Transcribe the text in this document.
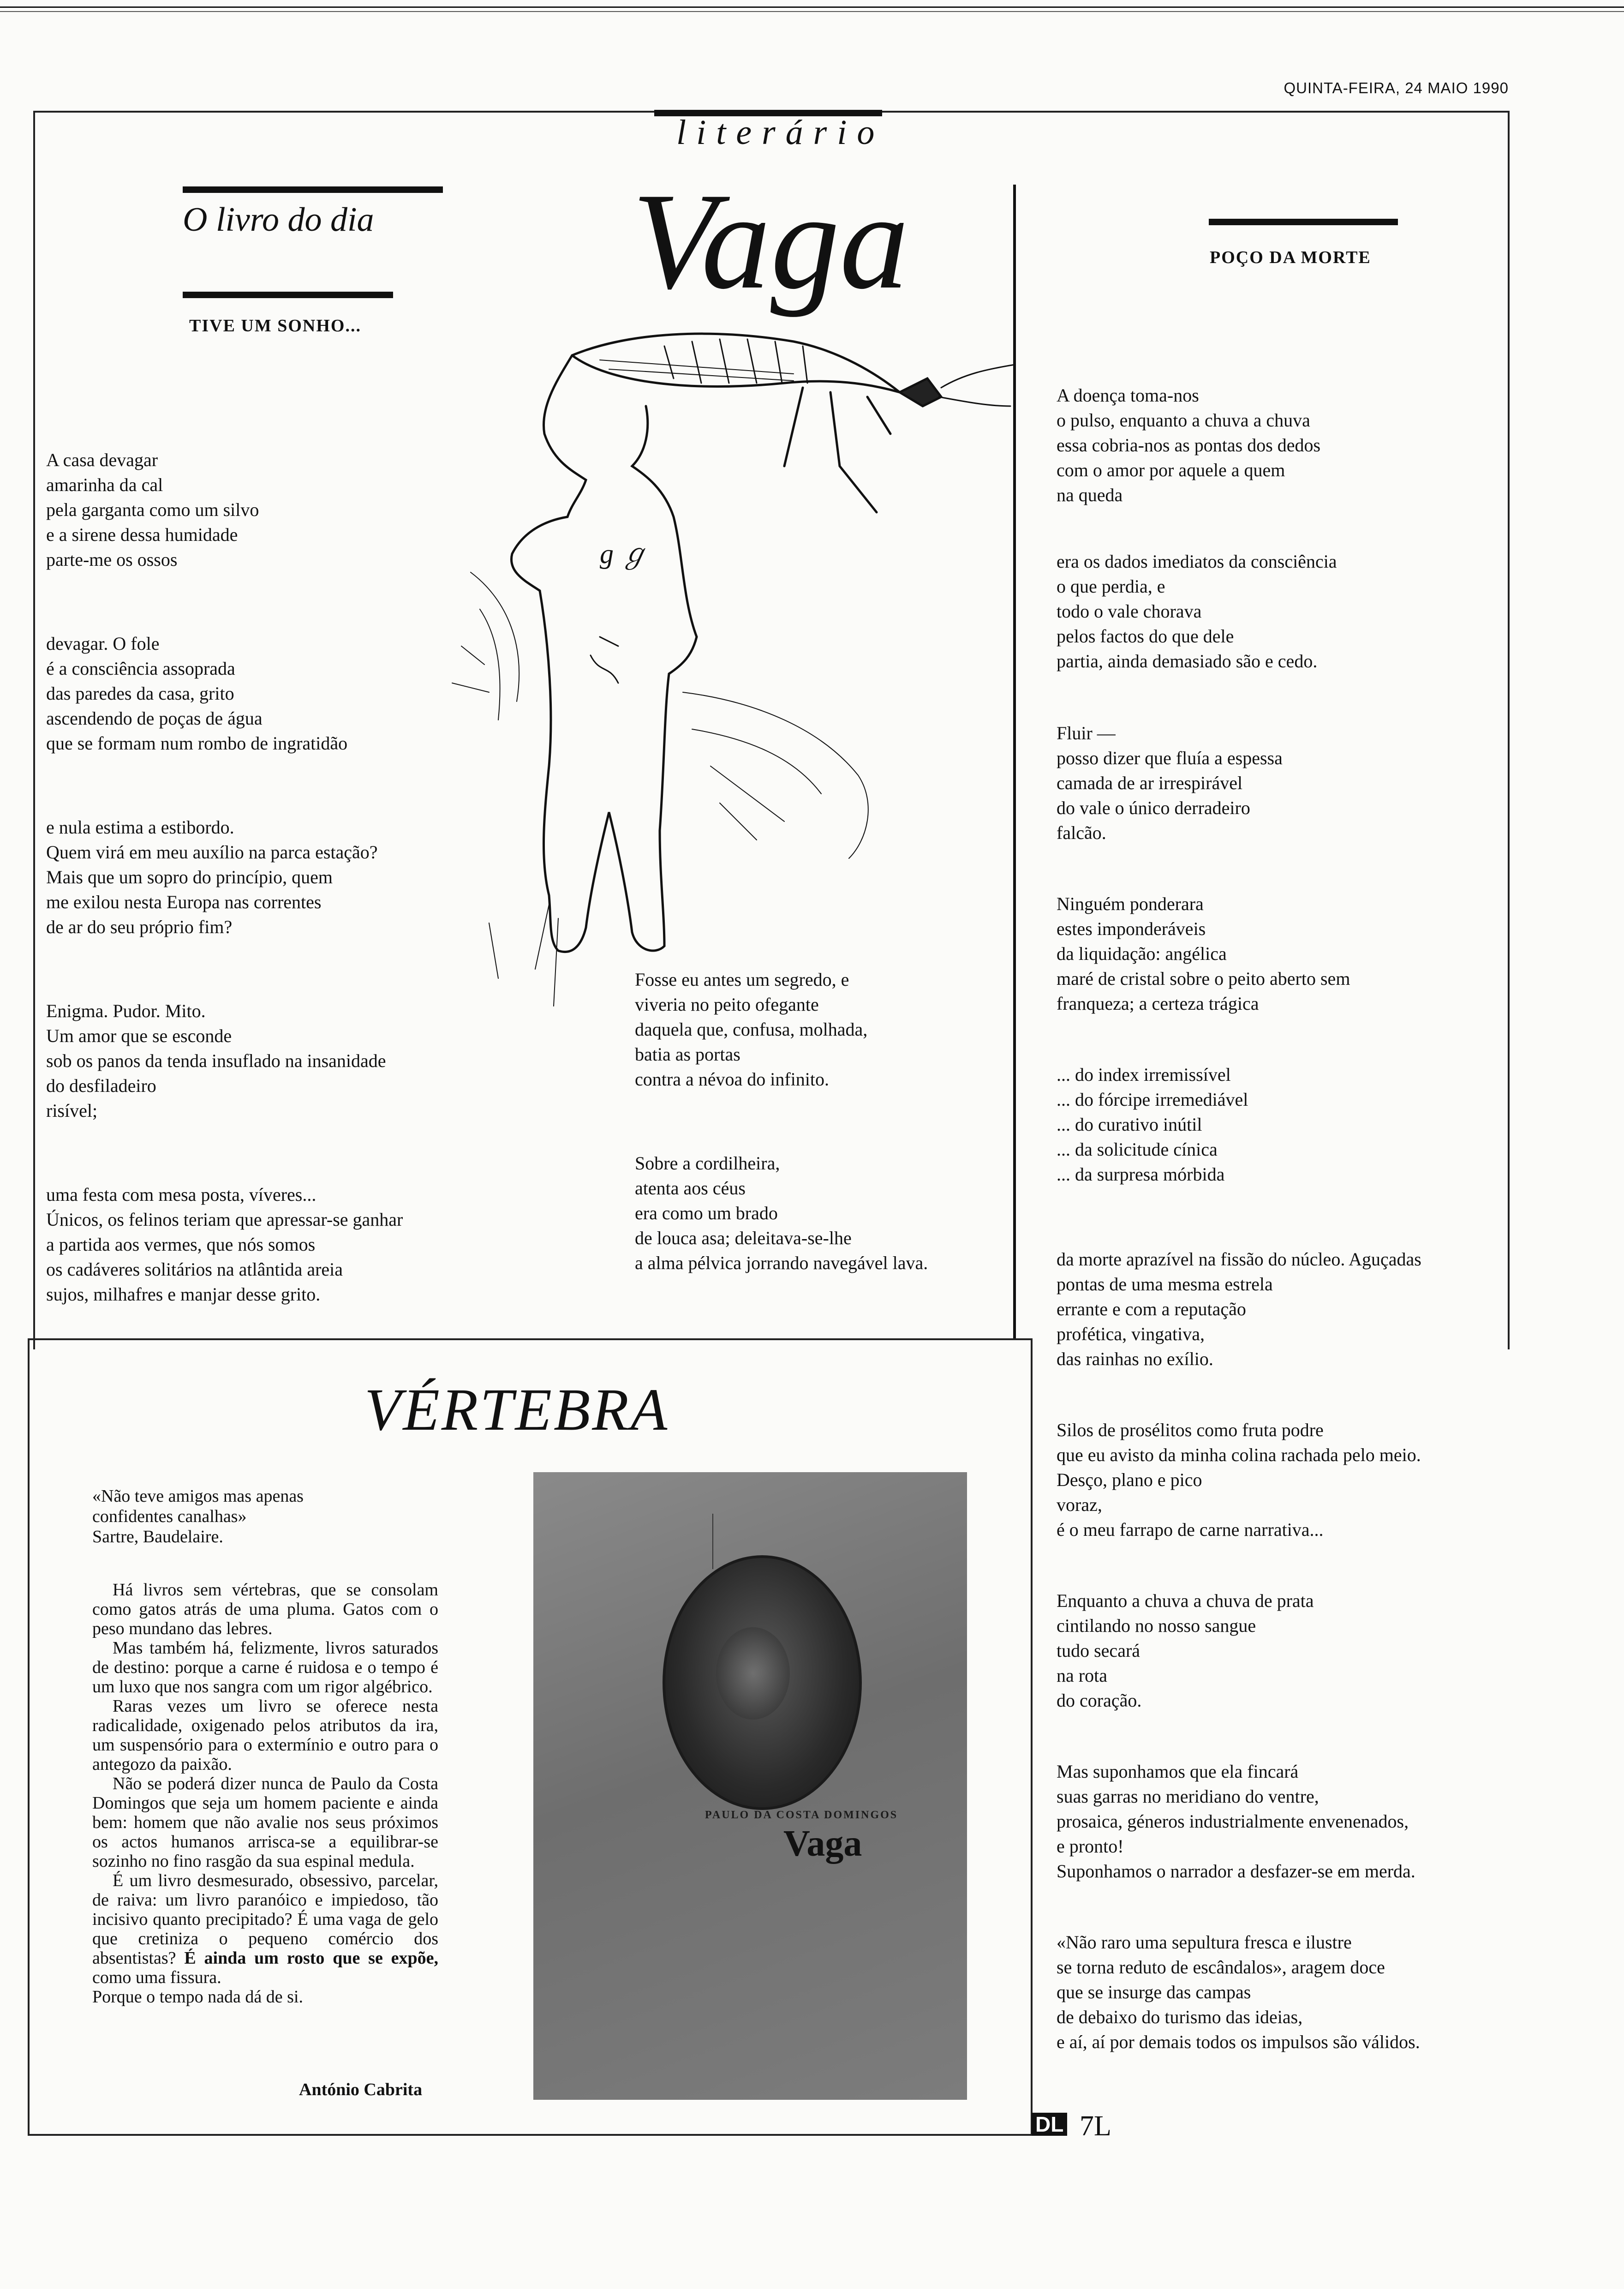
QUINTA-FEIRA, 24 MAIO 1990
literário
Vaga
O livro do dia
TIVE UM SONHO...

A casa devagar
amarinha da cal
pela garganta como um silvo
e a sirene dessa humidade
parte-me os ossos

devagar. O fole
é a consciência assoprada
das paredes da casa, grito
ascendendo de poças de água
que se formam num rombo de ingratidão

e nula estima a estibordo.
Quem virá em meu auxílio na parca estação?
Mais que um sopro do princípio, quem
me exilou nesta Europa nas correntes
de ar do seu próprio fim?

Enigma. Pudor. Mito.
Um amor que se esconde
sob os panos da tenda insuflado na insanidade
do desfiladeiro
risível;

uma festa com mesa posta, víveres...
Únicos, os felinos teriam que apressar-se ganhar
a partida aos vermes, que nós somos
os cadáveres solitários na atlântida areia
sujos, milhafres e manjar desse grito.

g ℊ

Fosse eu antes um segredo, e
viveria no peito ofegante
daquela que, confusa, molhada,
batia as portas
contra a névoa do infinito.

Sobre a cordilheira,
atenta aos céus
era como um brado
de louca asa; deleitava-se-lhe
a alma pélvica jorrando navegável lava.

POÇO DA MORTE

A doença toma-nos
o pulso, enquanto a chuva a chuva
essa cobria-nos as pontas dos dedos
com o amor por aquele a quem
na queda

era os dados imediatos da consciência
o que perdia, e
todo o vale chorava
pelos factos do que dele
partia, ainda demasiado são e cedo.

Fluir —
posso dizer que fluía a espessa
camada de ar irrespirável
do vale o único derradeiro
falcão.

Ninguém ponderara
estes imponderáveis
da liquidação: angélica
maré de cristal sobre o peito aberto sem
franqueza; a certeza trágica

... do index irremissível
... do fórcipe irremediável
... do curativo inútil
... da solicitude cínica
... da surpresa mórbida

da morte aprazível na fissão do núcleo. Aguçadas
pontas de uma mesma estrela
errante e com a reputação
profética, vingativa,
das rainhas no exílio.

Silos de prosélitos como fruta podre
que eu avisto da minha colina rachada pelo meio.
Desço, plano e pico
voraz,
é o meu farrapo de carne narrativa...

Enquanto a chuva a chuva de prata
cintilando no nosso sangue
tudo secará
na rota
do coração.

Mas suponhamos que ela fincará
suas garras no meridiano do ventre,
prosaica, géneros industrialmente envenenados,
e pronto!
Suponhamos o narrador a desfazer-se em merda.

«Não raro uma sepultura fresca e ilustre
se torna reduto de escândalos», aragem doce
que se insurge das campas
de debaixo do turismo das ideias,
e aí, aí por demais todos os impulsos são válidos.

VÉRTEBRA
«Não teve amigos mas apenas
confidentes canalhas»
Sartre, Baudelaire.

Há livros sem vértebras, que se consolam como gatos atrás de uma pluma. Gatos com o peso mundano das lebres.

Mas também há, felizmente, livros saturados de destino: porque a carne é ruidosa e o tempo é um luxo que nos sangra com um rigor algébrico.

Raras vezes um livro se oferece nesta radicalidade, oxigenado pelos atributos da ira, um suspensório para o extermínio e outro para o antegozo da paixão.

Não se poderá dizer nunca de Paulo da Costa Domingos que seja um homem paciente e ainda bem: homem que não avalie nos seus próximos os actos humanos arrisca-se a equilibrar-se sozinho no fino rasgão da sua espinal medula.

É um livro desmesurado, obsessivo, parcelar, de raiva: um livro paranóico e impiedoso, tão incisivo quanto precipitado? É uma vaga de gelo que cretiniza o pequeno comércio dos absentistas? É ainda um rosto que se expõe, como uma fissura.

Porque o tempo nada dá de si.

António Cabrita
PAULO DA COSTA DOMINGOS
Vaga
DL 7L
